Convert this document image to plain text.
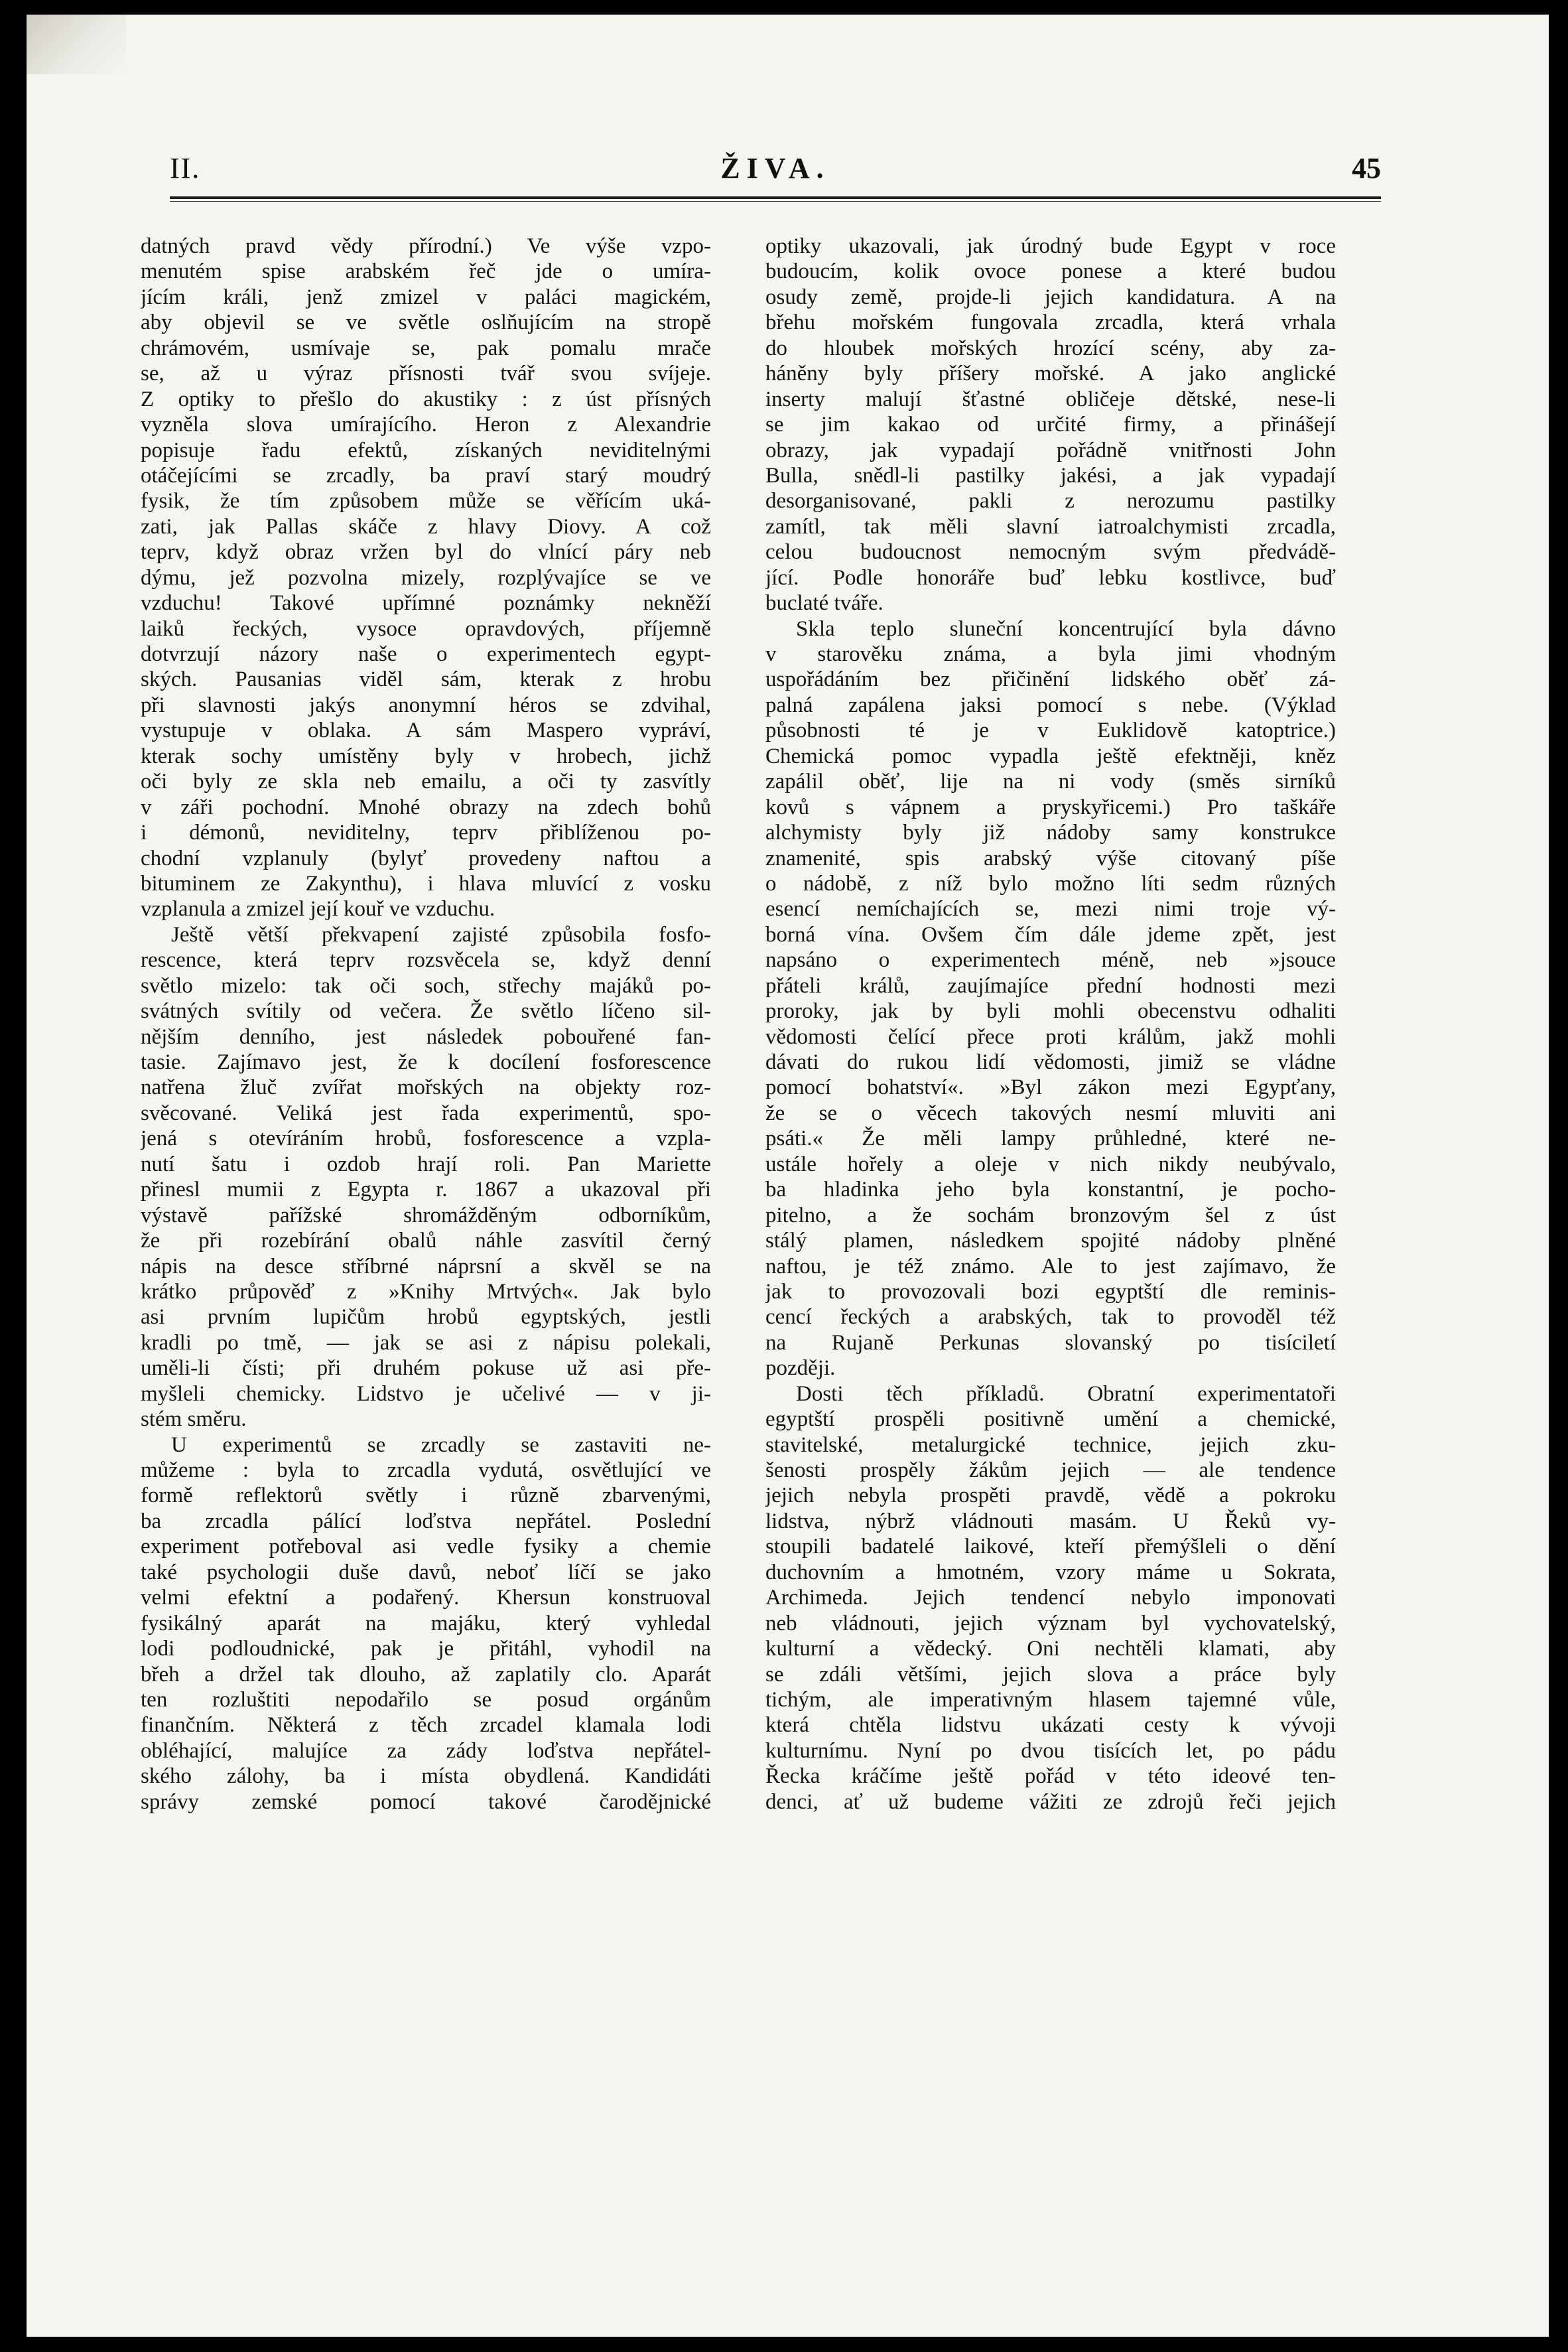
II.	ŽIVA.	45
datných pravd vědy přírodní.) Ve výše vzpo-
menutém spise arabském řeč jde o umíra-
jícím králi, jenž zmizel v paláci magickém,
aby objevil se ve světle oslňujícím na stropě
chrámovém, usmívaje se, pak pomalu mrače
se, až u výraz přísnosti tvář svou svíjeje.
Z optiky to přešlo do akustiky : z úst přísných
vyzněla slova umírajícího. Heron z Alexandrie
popisuje řadu efektů, získaných neviditelnými
otáčejícími se zrcadly, ba praví starý moudrý
fysik, že tím způsobem může se věřícím uká-
zati, jak Pallas skáče z hlavy Diovy. A což
teprv, když obraz vržen byl do vlnící páry neb
dýmu, jež pozvolna mizely, rozplývajíce se ve
vzduchu! Takové upřímné poznámky nekněží
laiků řeckých, vysoce opravdových, příjemně
dotvrzují názory naše o experimentech egypt-
ských. Pausanias viděl sám, kterak z hrobu
při slavnosti jakýs anonymní héros se zdvihal,
vystupuje v oblaka. A sám Maspero vypráví,
kterak sochy umístěny byly v hrobech, jichž
oči byly ze skla neb emailu, a oči ty zasvítly
v záři pochodní. Mnohé obrazy na zdech bohů
i démonů, neviditelny, teprv přiblíženou po-
chodní vzplanuly (bylyť provedeny naftou a
bituminem ze Zakynthu), i hlava mluvící z vosku
vzplanula a zmizel její kouř ve vzduchu.
Ještě větší překvapení zajisté způsobila fosfo-
rescence, která teprv rozsvěcela se, když denní
světlo mizelo: tak oči soch, střechy majáků po-
svátných svítily od večera. Že světlo líčeno sil-
nějším denního, jest následek pobouřené fan-
tasie. Zajímavo jest, že k docílení fosforescence
natřena žluč zvířat mořských na objekty roz-
svěcované. Veliká jest řada experimentů, spo-
jená s otevíráním hrobů, fosforescence a vzpla-
nutí šatu i ozdob hrají roli. Pan Mariette
přinesl mumii z Egypta r. 1867 a ukazoval při
výstavě pařížské shromážděným odborníkům,
že při rozebírání obalů náhle zasvítil černý
nápis na desce stříbrné náprsní a skvěl se na
krátko průpověď z »Knihy Mrtvých«. Jak bylo
asi prvním lupičům hrobů egyptských, jestli
kradli po tmě, — jak se asi z nápisu polekali,
uměli-li čísti; při druhém pokuse už asi pře-
myšleli chemicky. Lidstvo je učelivé — v ji-
stém směru.
U experimentů se zrcadly se zastaviti ne-
můžeme : byla to zrcadla vydutá, osvětlující ve
formě reflektorů světly i různě zbarvenými,
ba zrcadla pálící loďstva nepřátel. Poslední
experiment potřeboval asi vedle fysiky a chemie
také psychologii duše davů, neboť líčí se jako
velmi efektní a podařený. Khersun konstruoval
fysikálný aparát na majáku, který vyhledal
lodi podloudnické, pak je přitáhl, vyhodil na
břeh a držel tak dlouho, až zaplatily clo. Aparát
ten rozluštiti nepodařilo se posud orgánům
finančním. Některá z těch zrcadel klamala lodi
obléhající, malujíce za zády loďstva nepřátel-
ského zálohy, ba i místa obydlená. Kandidáti
správy zemské pomocí takové čarodějnické
optiky ukazovali, jak úrodný bude Egypt v roce
budoucím, kolik ovoce ponese a které budou
osudy země, projde-li jejich kandidatura. A na
břehu mořském fungovala zrcadla, která vrhala
do hloubek mořských hrozící scény, aby za-
háněny byly příšery mořské. A jako anglické
inserty malují šťastné obličeje dětské, nese-li
se jim kakao od určité firmy, a přinášejí
obrazy, jak vypadají pořádně vnitřnosti John
Bulla, snědl-li pastilky jakési, a jak vypadají
desorganisované, pakli z nerozumu pastilky
zamítl, tak měli slavní iatroalchymisti zrcadla,
celou budoucnost nemocným svým předvádě-
jící. Podle honoráře buď lebku kostlivce, buď
buclaté tváře.
Skla teplo sluneční koncentrující byla dávno
v starověku známa, a byla jimi vhodným
uspořádáním bez přičinění lidského oběť zá-
palná zapálena jaksi pomocí s nebe. (Výklad
působnosti té je v Euklidově katoptrice.)
Chemická pomoc vypadla ještě efektněji, kněz
zapálil oběť, lije na ni vody (směs sirníků
kovů s vápnem a pryskyřicemi.) Pro taškáře
alchymisty byly již nádoby samy konstrukce
znamenité, spis arabský výše citovaný píše
o nádobě, z níž bylo možno líti sedm různých
esencí nemíchajících se, mezi nimi troje vý-
borná vína. Ovšem čím dále jdeme zpět, jest
napsáno o experimentech méně, neb »jsouce
přáteli králů, zaujímajíce přední hodnosti mezi
proroky, jak by byli mohli obecenstvu odhaliti
vědomosti čelící přece proti králům, jakž mohli
dávati do rukou lidí vědomosti, jimiž se vládne
pomocí bohatství«. »Byl zákon mezi Egypťany,
že se o věcech takových nesmí mluviti ani
psáti.« Že měli lampy průhledné, které ne-
ustále hořely a oleje v nich nikdy neubývalo,
ba hladinka jeho byla konstantní, je pocho-
pitelno, a že sochám bronzovým šel z úst
stálý plamen, následkem spojité nádoby plněné
naftou, je též známo. Ale to jest zajímavo, že
jak to provozovali bozi egyptští dle reminis-
cencí řeckých a arabských, tak to provoděl též
na Rujaně Perkunas slovanský po tisíciletí
později.
Dosti těch příkladů. Obratní experimentatoři
egyptští prospěli positivně umění a chemické,
stavitelské, metalurgické technice, jejich zku-
šenosti prospěly žákům jejich — ale tendence
jejich nebyla prospěti pravdě, vědě a pokroku
lidstva, nýbrž vládnouti masám. U Řeků vy-
stoupili badatelé laikové, kteří přemýšleli o dění
duchovním a hmotném, vzory máme u Sokrata,
Archimeda. Jejich tendencí nebylo imponovati
neb vládnouti, jejich význam byl vychovatelský,
kulturní a vědecký. Oni nechtěli klamati, aby
se zdáli většími, jejich slova a práce byly
tichým, ale imperativným hlasem tajemné vůle,
která chtěla lidstvu ukázati cesty k vývoji
kulturnímu. Nyní po dvou tisících let, po pádu
Řecka kráčíme ještě pořád v této ideové ten-
denci, ať už budeme vážiti ze zdrojů řeči jejich
